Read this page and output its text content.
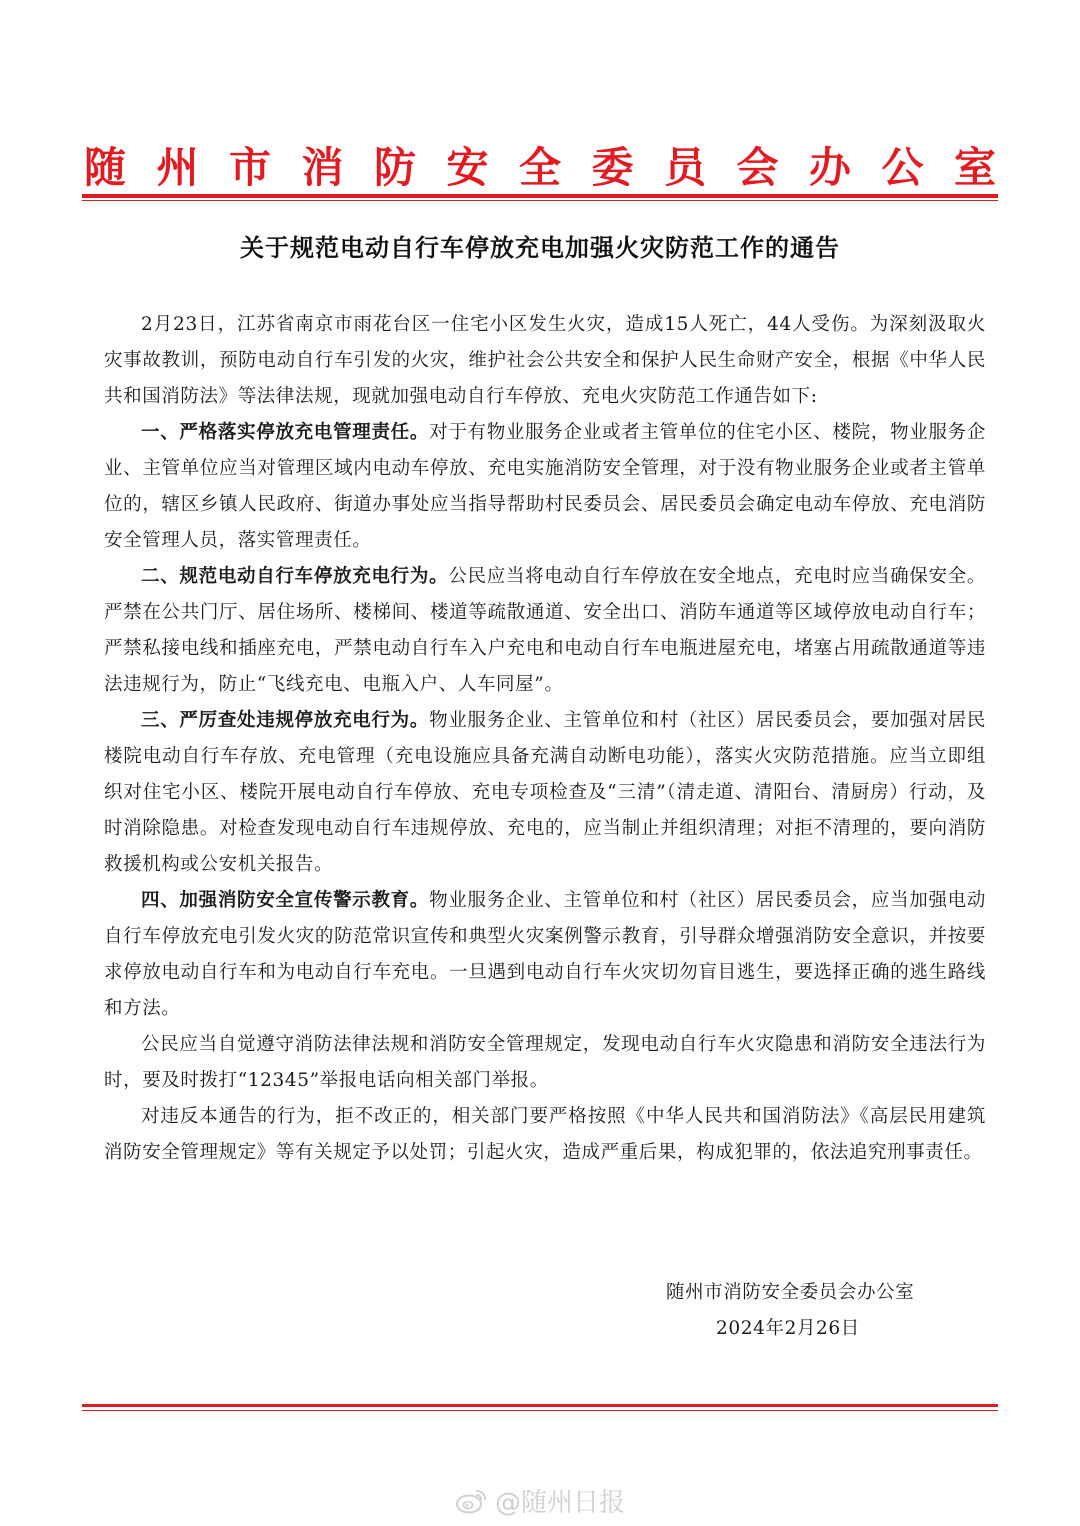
随州市消防安全委员会办公室
关于规范电动自行车停放充电加强火灾防范工作的通告

2月23日，江苏省南京市雨花台区一住宅小区发生火灾，造成15人死亡，44人受伤。为深刻汲取火灾事故教训，预防电动自行车引发的火灾，维护社会公共安全和保护人民生命财产安全，根据《中华人民共和国消防法》等法律法规，现就加强电动自行车停放、充电火灾防范工作通告如下:

一、严格落实停放充电管理责任。对于有物业服务企业或者主管单位的住宅小区、楼院，物业服务企业、主管单位应当对管理区域内电动车停放、充电实施消防安全管理，对于没有物业服务企业或者主管单位的，辖区乡镇人民政府、街道办事处应当指导帮助村民委员会、居民委员会确定电动车停放、充电消防安全管理人员，落实管理责任。

二、规范电动自行车停放充电行为。公民应当将电动自行车停放在安全地点，充电时应当确保安全。严禁在公共门厅、居住场所、楼梯间、楼道等疏散通道、安全出口、消防车通道等区域停放电动自行车；严禁私接电线和插座充电，严禁电动自行车入户充电和电动自行车电瓶进屋充电，堵塞占用疏散通道等违法违规行为，防止“飞线充电、电瓶入户、人车同屋”。

三、严厉查处违规停放充电行为。物业服务企业、主管单位和村（社区）居民委员会，要加强对居民楼院电动自行车存放、充电管理（充电设施应具备充满自动断电功能），落实火灾防范措施。应当立即组织对住宅小区、楼院开展电动自行车停放、充电专项检查及“三清”（清走道、清阳台、清厨房）行动，及时消除隐患。对检查发现电动自行车违规停放、充电的，应当制止并组织清理；对拒不清理的，要向消防救援机构或公安机关报告。

四、加强消防安全宣传警示教育。物业服务企业、主管单位和村（社区）居民委员会，应当加强电动自行车停放充电引发火灾的防范常识宣传和典型火灾案例警示教育，引导群众增强消防安全意识，并按要求停放电动自行车和为电动自行车充电。一旦遇到电动自行车火灾切勿盲目逃生，要选择正确的逃生路线和方法。

公民应当自觉遵守消防法律法规和消防安全管理规定，发现电动自行车火灾隐患和消防安全违法行为时，要及时拨打“12345”举报电话向相关部门举报。

对违反本通告的行为，拒不改正的，相关部门要严格按照《中华人民共和国消防法》《高层民用建筑消防安全管理规定》等有关规定予以处罚；引起火灾，造成严重后果，构成犯罪的，依法追究刑事责任。

随州市消防安全委员会办公室
2024年2月26日
@随州日报
